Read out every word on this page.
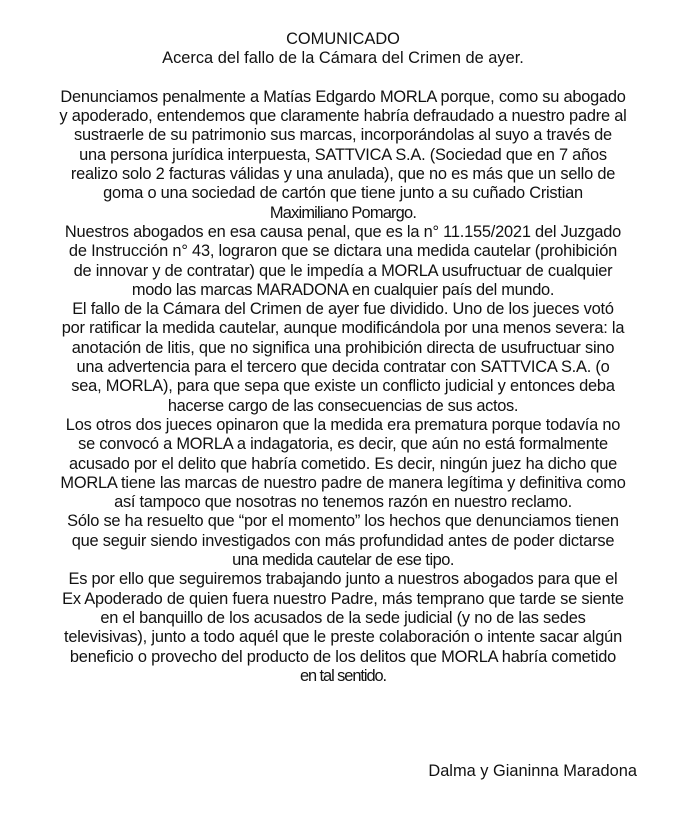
COMUNICADO

Acerca del fallo de la Cámara del Crimen de ayer.

Denunciamos penalmente a Matías Edgardo MORLA porque, como su abogado
y apoderado, entendemos que claramente habría defraudado a nuestro padre al
sustraerle de su patrimonio sus marcas, incorporándolas al suyo a través de
una persona jurídica interpuesta, SATTVICA S.A. (Sociedad que en 7 años
realizo solo 2 facturas válidas y una anulada), que no es más que un sello de
goma o una sociedad de cartón que tiene junto a su cuñado Cristian
Maximiliano Pomargo.

Nuestros abogados en esa causa penal, que es la n° 11.155/2021 del Juzgado
de Instrucción n° 43, lograron que se dictara una medida cautelar (prohibición
de innovar y de contratar) que le impedía a MORLA usufructuar de cualquier
modo las marcas MARADONA en cualquier país del mundo.

El fallo de la Cámara del Crimen de ayer fue dividido. Uno de los jueces votó
por ratificar la medida cautelar, aunque modificándola por una menos severa: la
anotación de litis, que no significa una prohibición directa de usufructuar sino
una advertencia para el tercero que decida contratar con SATTVICA S.A. (o
sea, MORLA), para que sepa que existe un conflicto judicial y entonces deba
hacerse cargo de las consecuencias de sus actos.

Los otros dos jueces opinaron que la medida era prematura porque todavía no
se convocó a MORLA a indagatoria, es decir, que aún no está formalmente
acusado por el delito que habría cometido. Es decir, ningún juez ha dicho que
MORLA tiene las marcas de nuestro padre de manera legítima y definitiva como
así tampoco que nosotras no tenemos razón en nuestro reclamo.

Sólo se ha resuelto que “por el momento” los hechos que denunciamos tienen
que seguir siendo investigados con más profundidad antes de poder dictarse
una medida cautelar de ese tipo.

Es por ello que seguiremos trabajando junto a nuestros abogados para que el
Ex Apoderado de quien fuera nuestro Padre, más temprano que tarde se siente
en el banquillo de los acusados de la sede judicial (y no de las sedes
televisivas), junto a todo aquél que le preste colaboración o intente sacar algún
beneficio o provecho del producto de los delitos que MORLA habría cometido
en tal sentido.

Dalma y Gianinna Maradona
